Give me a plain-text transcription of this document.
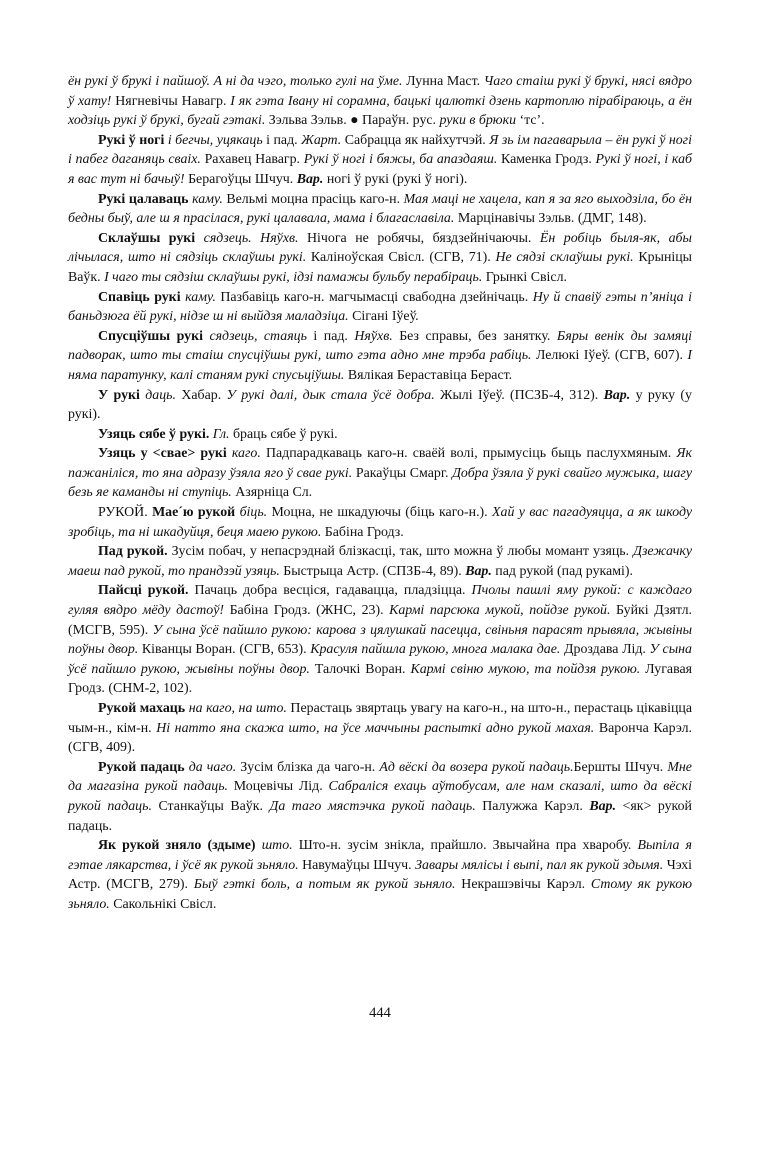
ён рукі ў брукі і пайшоў. А ні да чэго, только гулі на ўме. Лунна Маст. Чаго стаіш рукі ў брукі, нясі вядро ў хату! Нягневічы Навагр. І як гэта Івану ні сорамна, бацькі цалюткі дзень картоплю пірабіраюць, а ён ходзіць рукі ў брукі, бугай гэтакі. Зэльва Зэльв. ● Параўн. рус. руки в брюки ‘тс’.

Рукі ў ногі і бегчы, уцякаць і пад. Жарт. Сабрацца як найхутчэй. Я зь ім пагаварыла – ён рукі ў ногі і пабег даганяць сваіх. Рахавец Навагр. Рукі ў ногі і бяжы, ба апаздаяш. Каменка Гродз. Рукі ў ногі, і каб я вас тут ні бачыў! Берагоўцы Шчуч. Вар. ногі ў рукі (рукі ў ногі).

Рукі цалаваць каму. Вельмі моцна прасіць каго-н. Мая маці не хацела, кап я за яго выходзіла, бо ён бедны быў, але ш я прасілася, рукі цалавала, мама і благаславіла. Марцінавічы Зэльв. (ДМГ, 148).

Склаўшы рукі сядзець. Няўхв. Нічога не робячы, бяздзейнічаючы. Ён робіць быля-як, абы лічылася, што ні сядзіць склаўшы рукі. Каліноўская Свісл. (СГВ, 71). Не сядзі склаўшы рукі. Крыніцы Ваўк. І чаго ты сядзіш склаўшы рукі, ідзі памажы бульбу перабіраць. Грынкі Свісл.

Спавіць рукі каму. Пазбавіць каго-н. магчымасці свабодна дзейнічаць. Ну й спавіў гэты п’яніца і баньдзюга ёй рукі, нідзе ш ні выйдзя маладзіца. Сігані Іўеў.

Спусціўшы рукі сядзець, стаяць і пад. Няўхв. Без справы, без занятку. Бяры венік ды замяці падворак, што ты стаіш спусціўшы рукі, што гэта адно мне трэба рабіць. Лелюкі Іўеў. (СГВ, 607). І няма паратунку, калі станям рукі спусьціўшы. Вялікая Бераставіца Бераст.

У рукі даць. Хабар. У рукі далі, дык стала ўсё добра. Жылі Іўеў. (ПСЗБ-4, 312). Вар. у руку (у рукі).

Узяць сябе ў рукі. Гл. браць сябе ў рукі.

Узяць у <свае> рукі каго. Падпарадкаваць каго-н. сваёй волі, прымусіць быць паслухмяным. Як пажаніліся, то яна адразу ўзяла яго ў свае рукі. Ракаўцы Смарг. Добра ўзяла ў рукі свайго мужыка, шагу безь яе каманды ні ступіць. Азярніца Сл.

РУКОЙ. Мае´ю рукой біць. Моцна, не шкадуючы (біць каго-н.). Хай у вас пагадуяцца, а як шкоду зробіць, та ні шкадуйця, беця маею рукою. Бабіна Гродз.

Пад рукой. Зусім побач, у непасрэднай блізкасці, так, што можна ў любы момант узяць. Дзежачку маеш пад рукой, то прандзэй узяць. Быстрыца Астр. (СПЗБ-4, 89). Вар. пад рукой (пад рукамі).

Пайсці рукой. Пачаць добра весціся, гадавацца, пладзіцца. Пчолы пашлі яму рукой: с каждаго гуляя вядро мёду дастоў! Бабіна Гродз. (ЖНС, 23). Кармі парсюка мукой, пойдзе рукой. Буйкі Дзятл. (МСГВ, 595). У сына ўсё пайшло рукою: карова з цялушкай пасецца, свіньня парасят прывяла, жывіны поўны двор. Ківанцы Воран. (СГВ, 653). Красуля пайшла рукою, многа малака дае. Дроздава Лід. У сына ўсё пайшло рукою, жывіны поўны двор. Талочкі Воран. Кармі свіню мукою, та пойдзя рукою. Лугавая Гродз. (СНМ-2, 102).

Рукой махаць на каго, на што. Перастаць звяртаць увагу на каго-н., на што-н., перастаць цікавіцца чым-н., кім-н. Ні натто яна скажа што, на ўсе маччыны распыткі адно рукой махая. Варонча Карэл. (СГВ, 409).

Рукой падаць да чаго. Зусім блізка да чаго-н. Ад вёскі да возера рукой падаць.Бершты Шчуч. Мне да магазіна рукой падаць. Моцевічы Лід. Сабраліся ехаць аўтобусам, але нам сказалі, што да вёскі рукой падаць. Станкаўцы Ваўк. Да таго мястэчка рукой падаць. Палужжа Карэл. Вар. <як> рукой падаць.

Як рукой зняло (здыме) што. Што-н. зусім знікла, прайшло. Звычайна пра хваробу. Выпіла я гэтае лякарства, і ўсё як рукой зьняло. Навумаўцы Шчуч. Завары мялісы і выпі, пал як рукой здымя. Чэхі Астр. (МСГВ, 279). Быў гэткі боль, а потым як рукой зьняло. Некрашэвічы Карэл. Стому як рукою зьняло. Сакольнікі Свісл.

444
